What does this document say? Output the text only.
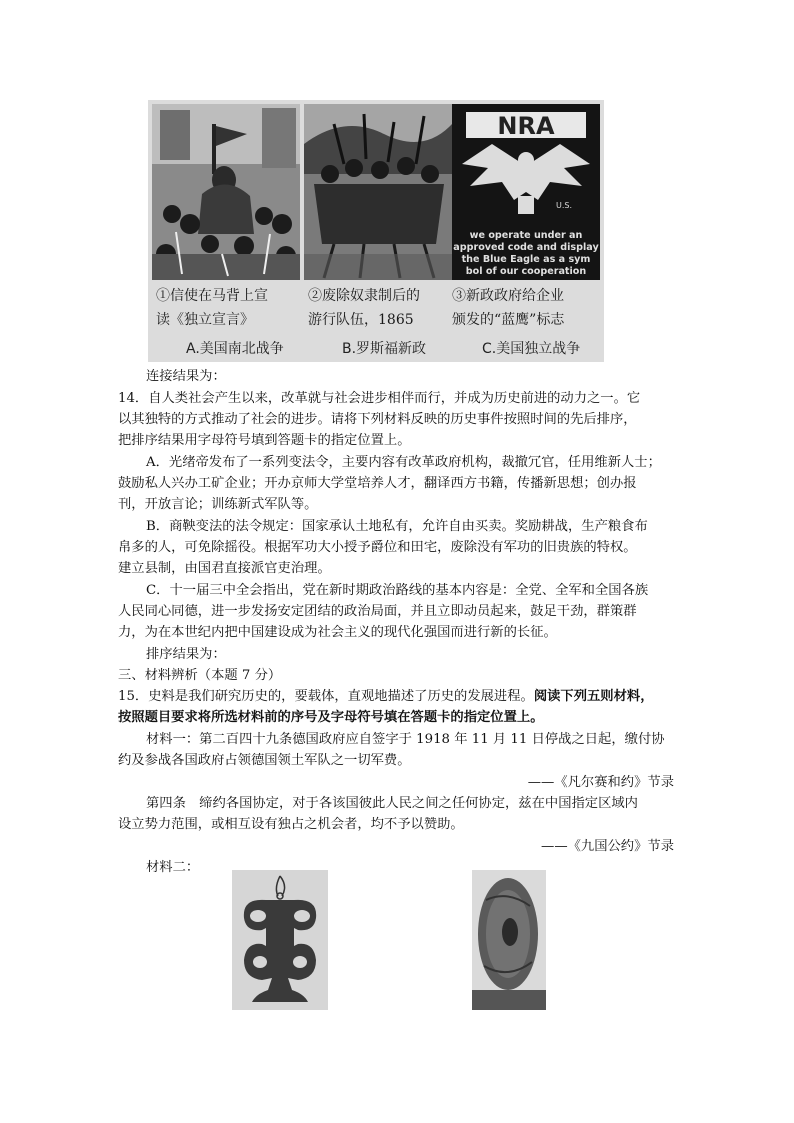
NRA
U.S.
we operate under an
approved code and display
the Blue Eagle as a sym
bol of our cooperation
①信使在马背上宣
读《独立宣言》
②废除奴隶制后的
游行队伍，1865
③新政政府给企业
颁发的“蓝鹰”标志
A.美国南北战争	B.罗斯福新政	C.美国独立战争
连接结果为：
14．自人类社会产生以来，改革就与社会进步相伴而行，并成为历史前进的动力之一。它
以其独特的方式推动了社会的进步。请将下列材料反映的历史事件按照时间的先后排序，
把排序结果用字母符号填到答题卡的指定位置上。
A．光绪帝发布了一系列变法令，主要内容有改革政府机构，裁撤冗官，任用维新人士；
鼓励私人兴办工矿企业；开办京师大学堂培养人才，翻译西方书籍，传播新思想；创办报
刊，开放言论；训练新式军队等。
B．商鞅变法的法令规定：国家承认土地私有，允许自由买卖。奖励耕战，生产粮食布
帛多的人，可免除摇役。根据军功大小授予爵位和田宅，废除没有军功的旧贵族的特权。
建立县制，由国君直接派官吏治理。
C．十一届三中全会指出，党在新时期政治路线的基本内容是：全党、全军和全国各族
人民同心同德，进一步发扬安定团结的政治局面，并且立即动员起来，鼓足干劲，群策群
力，为在本世纪内把中国建设成为社会主义的现代化强国而进行新的长征。
排序结果为：
三、材料辨析（本题 7 分）
15．史料是我们研究历史的，要载体，直观地描述了历史的发展进程。阅读下列五则材料，
按照题目要求将所选材料前的序号及字母符号填在答题卡的指定位置上。
材料一：第二百四十九条德国政府应自签字于 1918 年 11 月 11 日停战之日起，缴付协
约及参战各国政府占领德国领土军队之一切军费。
——《凡尔赛和约》节录
第四条　缔约各国协定，对于各该国彼此人民之间之任何协定，兹在中国指定区域内
设立势力范围，或相互设有独占之机会者，均不予以赞助。
——《九国公约》节录
材料二：
